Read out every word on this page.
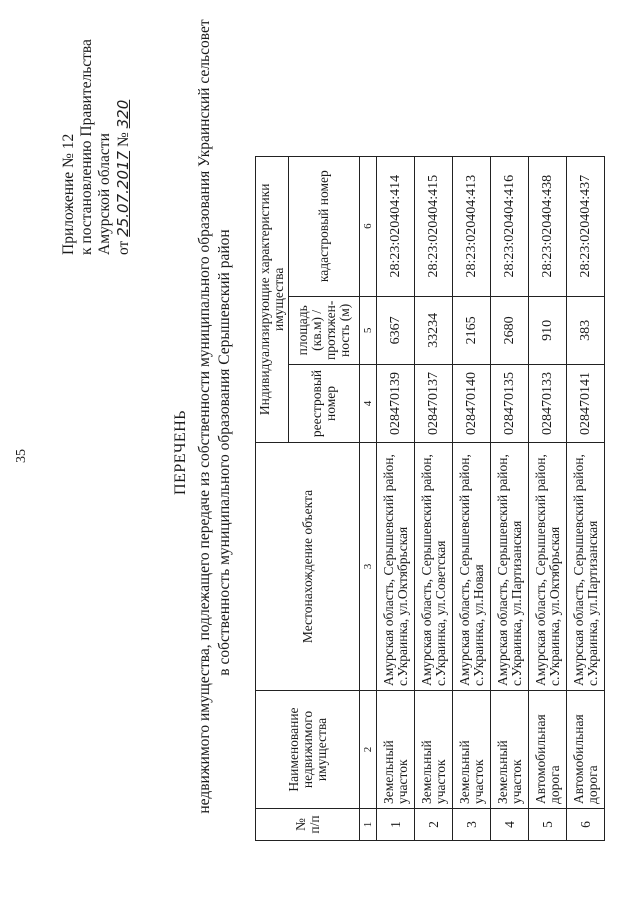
35
Приложение № 12 к постановлению Правительства Амурской области от 25.07.2017 № 320
ПЕРЕЧЕНЬ недвижимого имущества, подлежащего передаче из собственности муниципального образования Украинский сельсовет в собственность муниципального образования Серышевский район
№ п/п	Наименование недвижимого имущества	Местонахождение объекта	Индивидуализирующие характеристики имущества		
			реестровый номер	площадь (кв.м) / протяжен-ность (м)	кадастровый номер
1	2	3	4	5	6
1	Земельный участок	Амурская область, Серышевский район, с.Украинка, ул.Октябрьская	028470139	6367	28:23:020404:414
2	Земельный участок	Амурская область, Серышевский район, с.Украинка, ул.Советская	028470137	33234	28:23:020404:415
3	Земельный участок	Амурская область, Серышевский район, с.Украинка, ул.Новая	028470140	2165	28:23:020404:413
4	Земельный участок	Амурская область, Серышевский район, с.Украинка, ул.Партизанская	028470135	2680	28:23:020404:416
5	Автомобильная дорога	Амурская область, Серышевский район, с.Украинка, ул.Октябрьская	028470133	910	28:23:020404:438
6	Автомобильная дорога	Амурская область, Серышевский район, с.Украинка, ул.Партизанская	028470141	383	28:23:020404:437
